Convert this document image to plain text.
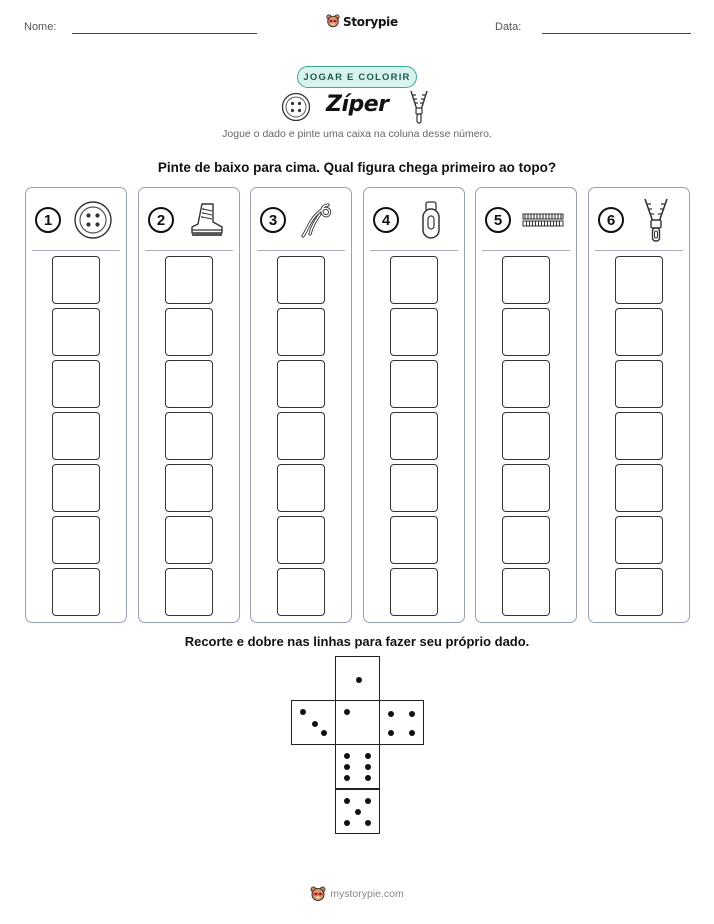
Nome:	Storypie	Data:
JOGAR E COLORIR
Zíper
Jogue o dado e pinte uma caixa na coluna desse número.
Pinte de baixo para cima. Qual figura chega primeiro ao topo?
1	2	3	4	5	6
Recorte e dobre nas linhas para fazer seu próprio dado.
mystorypie.com
